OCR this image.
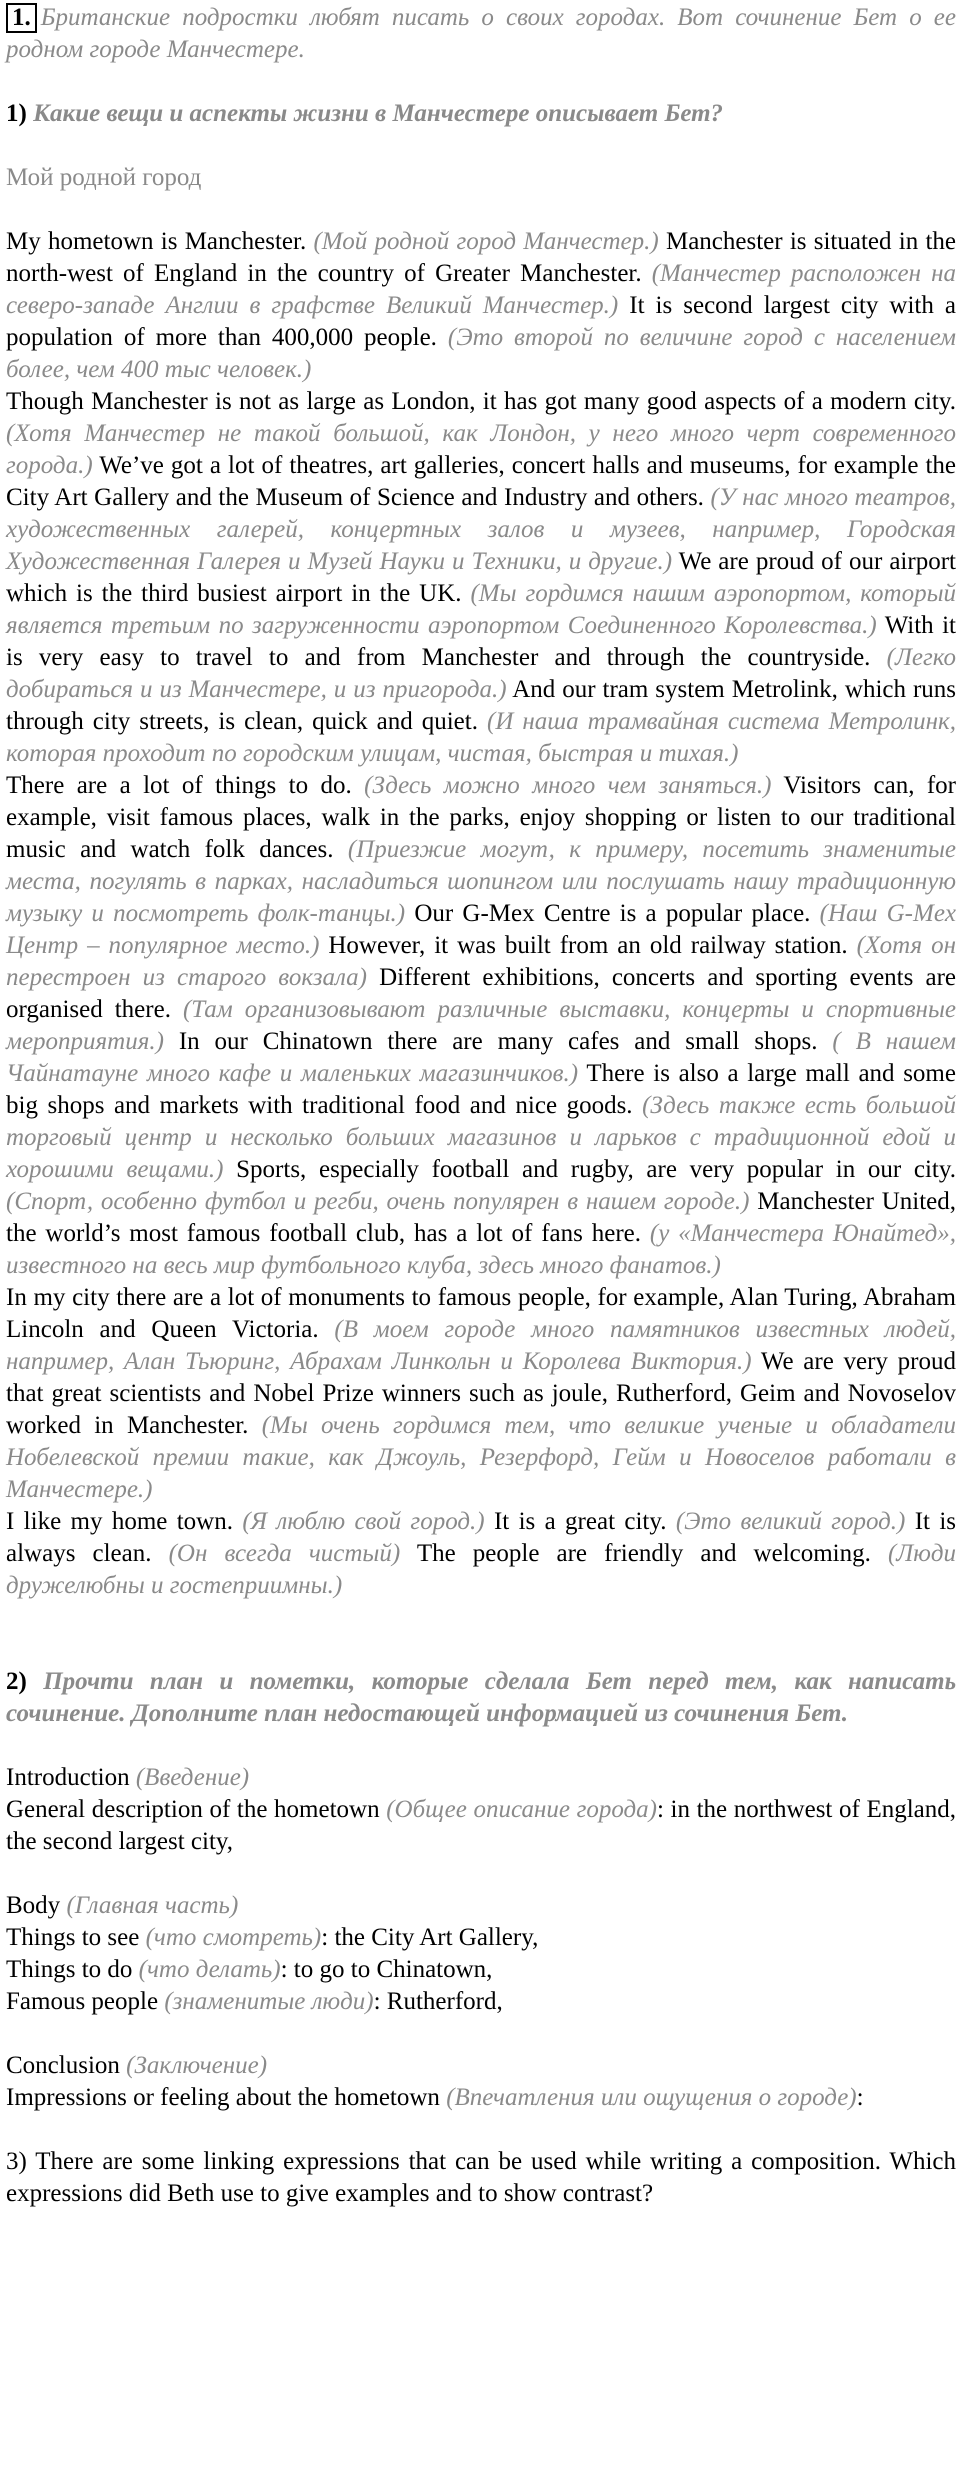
1. Британские подростки любят писать о своих городах. Вот сочинение Бет о ее родном городе Манчестере.

1) Какие вещи и аспекты жизни в Манчестере описывает Бет?

Мой родной город

My hometown is Manchester. (Мой родной город Манчестер.) Manchester is situated in the north-west of England in the country of Greater Manchester. (Манчестер расположен на северо-западе Англии в графстве Великий Манчестер.) It is second largest city with a population of more than 400,000 people. (Это второй по величине город с населением более, чем 400 тыс человек.)

Though Manchester is not as large as London, it has got many good aspects of a modern city.(Хотя Манчестер не такой большой, как Лондон, у него много черт современного города.) We’ve got a lot of theatres, art galleries, concert halls and museums, for example the City Art Gallery and the Museum of Science and Industry and others. (У нас много театров, художественных галерей, концертных залов и музеев, например, Городская Художественная Галерея и Музей Науки и Техники, и другие.) We are proud of our airport which is the third busiest airport in the UK. (Мы гордимся нашим аэропортом, который является третьим по загруженности аэропортом Соединенного Королевства.) With it is very easy to travel to and from Manchester and through the countryside. (Легко добираться и из Манчестере, и из пригорода.) And our tram system Metrolink, which runs through city streets, is clean, quick and quiet. (И наша трамвайная система Метролинк, которая проходит по городским улицам, чистая, быстрая и тихая.)

There are a lot of things to do. (Здесь можно много чем заняться.) Visitors can, for example, visit famous places, walk in the parks, enjoy shopping or listen to our traditional music and watch folk dances. (Приезжие могут, к примеру, посетить знаменитые места, погулять в парках, насладиться шопингом или послушать нашу традиционную музыку и посмотреть фолк-танцы.) Our G-Mex Centre is a popular place. (Наш G-Mex Центр – популярное место.) However, it was built from an old railway station. (Хотя он перестроен из старого вокзала) Different exhibitions, concerts and sporting events are organised there. (Там организовывают различные выставки, концерты и спортивные мероприятия.) In our Chinatown there are many cafes and small shops. ( В нашем Чайнатауне много кафе и маленьких магазинчиков.) There is also a large mall and some big shops and markets with traditional food and nice goods. (Здесь также есть большой торговый центр и несколько больших магазинов и ларьков с традиционной едой и хорошими вещами.) Sports, especially football and rugby, are very popular in our city. (Спорт, особенно футбол и регби, очень популярен в нашем городе.) Manchester United, the world’s most famous football club, has a lot of fans here. (у «Манчестера Юнайтед», известного на весь мир футбольного клуба, здесь много фанатов.)

In my city there are a lot of monuments to famous people, for example, Alan Turing, Abraham Lincoln and Queen Victoria. (В моем городе много памятников известных людей, например, Алан Тьюринг, Абрахам Линкольн и Королева Виктория.) We are very proud that great scientists and Nobel Prize winners such as joule, Rutherford, Geim and Novoselov worked in Manchester. (Мы очень гордимся тем, что великие ученые и обладатели Нобелевской премии такие, как Джоуль, Резерфорд, Гейм и Новоселов работали в Манчестере.)

I like my home town. (Я люблю свой город.) It is a great city. (Это великий город.) It is always clean. (Он всегда чистый) The people are friendly and welcoming. (Люди дружелюбны и гостеприимны.)

2) Прочти план и пометки, которые сделала Бет перед тем, как написать сочинение. Дополните план недостающей информацией из сочинения Бет.

Introduction (Введение)

General description of the hometown (Общее описание города): in the northwest of England, the second largest city,

Body (Главная часть)

Things to see (что смотреть): the City Art Gallery,

Things to do (что делать): to go to Chinatown,

Famous people (знаменитые люди): Rutherford,

Conclusion (Заключение)

Impressions or feeling about the hometown (Впечатления или ощущения о городе):

3) There are some linking expressions that can be used while writing a composition. Which expressions did Beth use to give examples and to show contrast?
